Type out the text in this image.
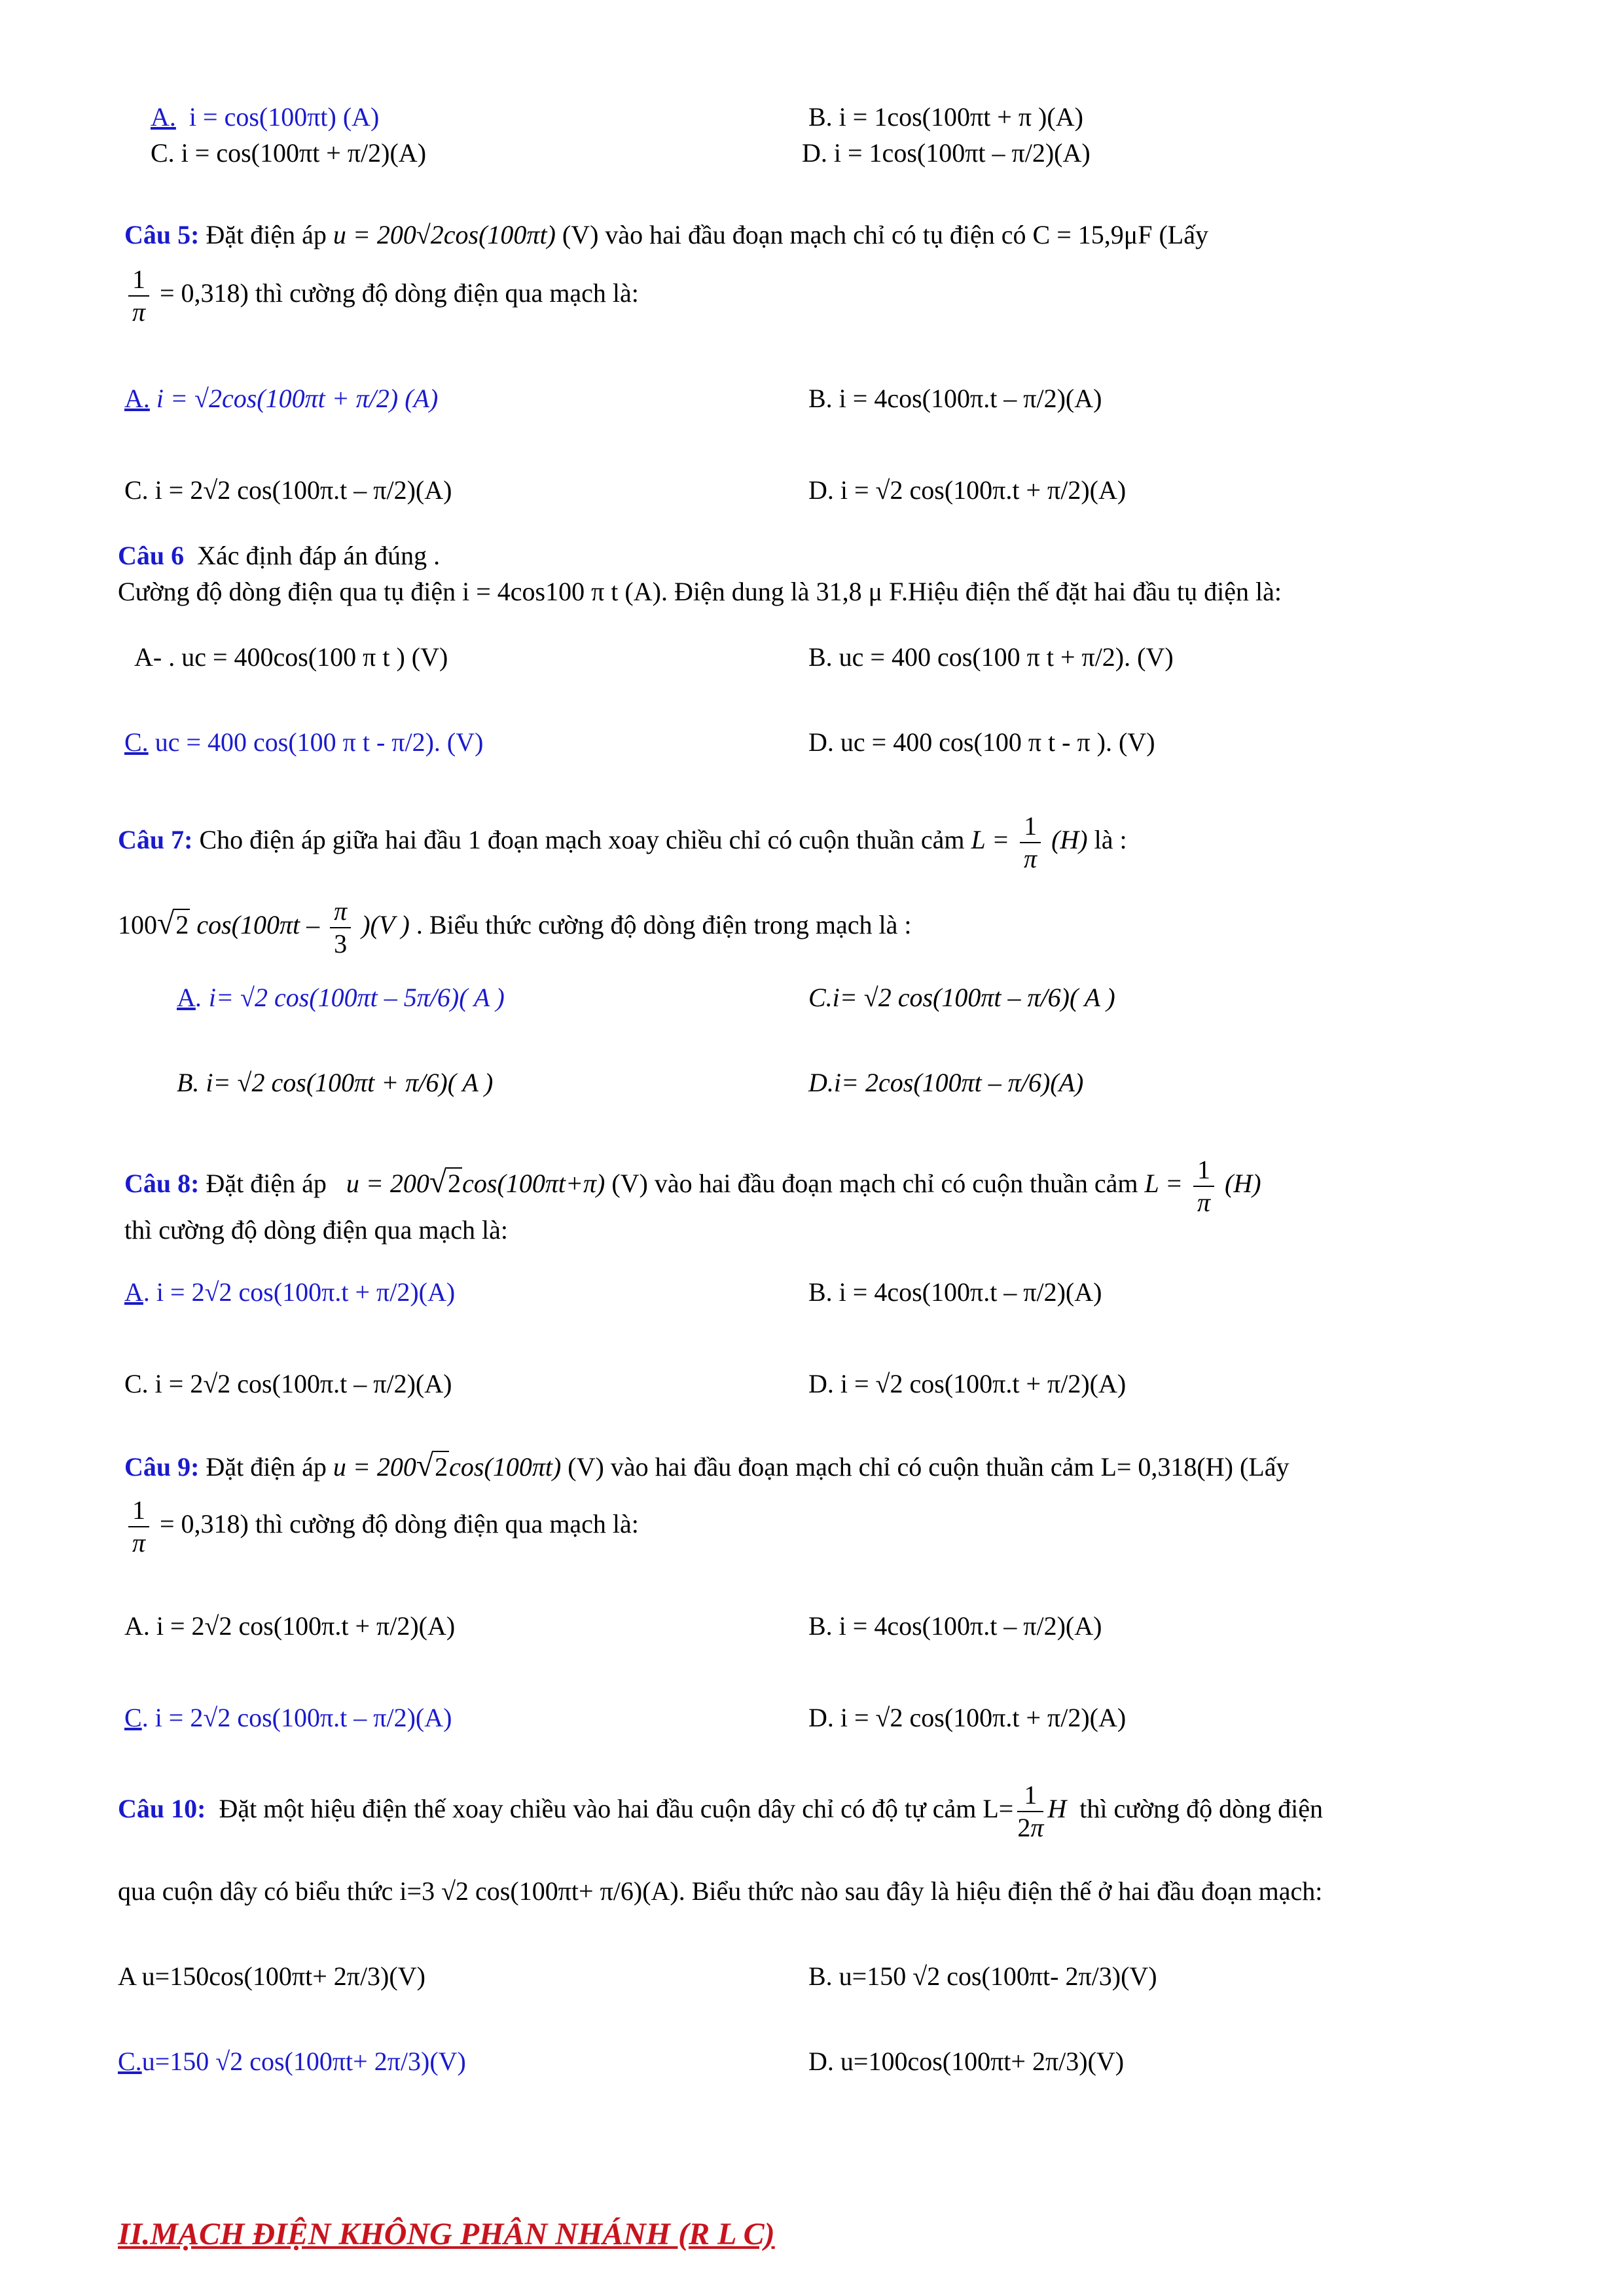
A. i = cos(100πt) (A)	B. i = 1cos(100πt + π )(A)
C. i = cos(100πt + π/2)(A)	D. i = 1cos(100πt – π/2)(A)
Câu 5: Đặt điện áp u = 200√2cos(100πt) (V) vào hai đầu đoạn mạch chỉ có tụ điện có C = 15,9μF (Lấy
$\frac{1}{\pi} = 0,318$) thì cường độ dòng điện qua mạch là:
A. i = √2cos(100πt + π/2) (A)	B. i = 4cos(100π.t – π/2)(A)
C. i = 2√2 cos(100π.t – π/2)(A)	D. i = √2 cos(100π.t + π/2)(A)
Câu 6 Xác định đáp án đúng .
Cường độ dòng điện qua tụ điện i = 4cos100 π t (A). Điện dung là 31,8 μ F.Hiệu điện thế đặt hai đầu tụ điện là:
A- . uc = 400cos(100 π t ) (V)	B. uc = 400 cos(100 π t + π/2). (V)
C. uc = 400 cos(100 π t - π/2). (V)	D. uc = 400 cos(100 π t - π ). (V)
Câu 7: Cho điện áp giữa hai đầu 1 đoạn mạch xoay chiều chỉ có cuộn thuần cảm $L = \frac{1}{\pi} (H)$ là :
100√2 $\cos(100\pi t - \frac{\pi}{3} )(V$ ) . Biểu thức cường độ dòng điện trong mạch là :
A. i= √2 cos(100πt – 5π/6)( A )	C.i= √2 cos(100πt – π/6)( A )
B. i= √2 cos(100πt + π/6)( A )	D.i= 2cos(100πt – π/6)(A)
Câu 8: Đặt điện áp u = 200√2cos(100πt+π) (V) vào hai đầu đoạn mạch chỉ có cuộn thuần cảm $L = \frac{1}{\pi} (H)$
thì cường độ dòng điện qua mạch là:
A. i = 2√2 cos(100π.t + π/2)(A)	B. i = 4cos(100π.t – π/2)(A)
C. i = 2√2 cos(100π.t – π/2)(A)	D. i = √2 cos(100π.t + π/2)(A)
Câu 9: Đặt điện áp u = 200√2cos(100πt) (V) vào hai đầu đoạn mạch chỉ có cuộn thuần cảm L= 0,318(H) (Lấy
$\frac{1}{\pi} = 0,318$) thì cường độ dòng điện qua mạch là:
A. i = 2√2 cos(100π.t + π/2)(A)	B. i = 4cos(100π.t – π/2)(A)
C. i = 2√2 cos(100π.t – π/2)(A)	D. i = √2 cos(100π.t + π/2)(A)
Câu 10: Đặt một hiệu điện thế xoay chiều vào hai đầu cuộn dây chỉ có độ tự cảm $L= \frac{1}{2\pi}$ H thì cường độ dòng điện
qua cuộn dây có biểu thức i=3 √2 cos(100πt+ π/6)(A). Biểu thức nào sau đây là hiệu điện thế ở hai đầu đoạn mạch:
A u=150cos(100πt+ 2π/3)(V)	B. u=150 √2 cos(100πt- 2π/3)(V)
C.u=150 √2 cos(100πt+ 2π/3)(V)	D. u=100cos(100πt+ 2π/3)(V)
II.MẠCH ĐIỆN KHÔNG PHÂN NHÁNH (R L C)
